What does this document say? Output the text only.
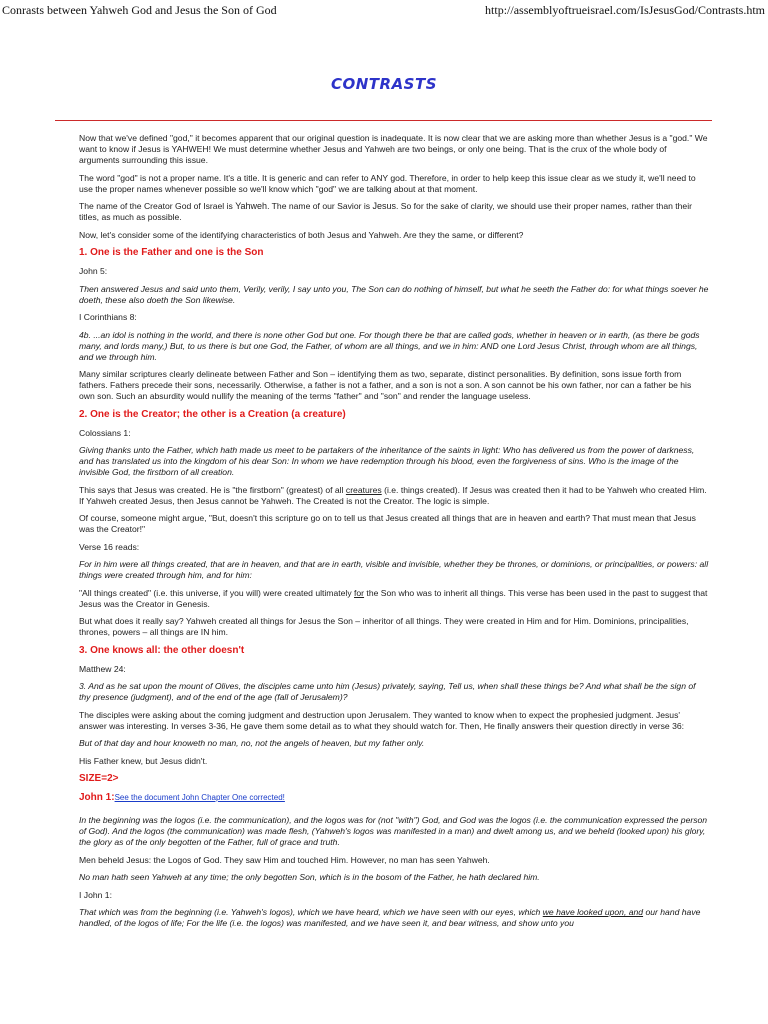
Conrasts between Yahweh God and Jesus the Son of God	http://assemblyoftrueisrael.com/IsJesusGod/Contrasts.htm
CONTRASTS

Now that we've defined "god," it becomes apparent that our original question is inadequate. It is now clear that we are asking more than whether Jesus is a "god." We want to know if Jesus is YAHWEH! We must determine whether Jesus and Yahweh are two beings, or only one being. That is the crux of the whole body of arguments surrounding this issue.

The word "god" is not a proper name. It's a title. It is generic and can refer to ANY god. Therefore, in order to help keep this issue clear as we study it, we'll need to use the proper names whenever possible so we'll know which "god" we are talking about at that moment.

The name of the Creator God of Israel is Yahweh. The name of our Savior is Jesus. So for the sake of clarity, we should use their proper names, rather than their titles, as much as possible.

Now, let's consider some of the identifying characteristics of both Jesus and Yahweh. Are they the same, or different?

1. One is the Father and one is the Son

John 5:

Then answered Jesus and said unto them, Verily, verily, I say unto you, The Son can do nothing of himself, but what he seeth the Father do: for what things soever he doeth, these also doeth the Son likewise.

I Corinthians 8:

4b. ...an idol is nothing in the world, and there is none other God but one. For though there be that are called gods, whether in heaven or in earth, (as there be gods many, and lords many,) But, to us there is but one God, the Father, of whom are all things, and we in him: AND one Lord Jesus Christ, through whom are all things, and we through him.

Many similar scriptures clearly delineate between Father and Son – identifying them as two, separate, distinct personalities. By definition, sons issue forth from fathers. Fathers precede their sons, necessarily. Otherwise, a father is not a father, and a son is not a son. A son cannot be his own father, nor can a father be his own son. Such an absurdity would nullify the meaning of the terms "father" and "son" and render the language useless.

2. One is the Creator; the other is a Creation (a creature)

Colossians 1:

Giving thanks unto the Father, which hath made us meet to be partakers of the inheritance of the saints in light: Who has delivered us from the power of darkness, and has translated us into the kingdom of his dear Son: In whom we have redemption through his blood, even the forgiveness of sins. Who is the image of the invisible God, the firstborn of all creation.

This says that Jesus was created. He is "the firstborn" (greatest) of all creatures (i.e. things created). If Jesus was created then it had to be Yahweh who created Him. If Yahweh created Jesus, then Jesus cannot be Yahweh. The Created is not the Creator. The logic is simple.

Of course, someone might argue, "But, doesn't this scripture go on to tell us that Jesus created all things that are in heaven and earth? That must mean that Jesus was the Creator!"

Verse 16 reads:

For in him were all things created, that are in heaven, and that are in earth, visible and invisible, whether they be thrones, or dominions, or principalities, or powers: all things were created through him, and for him:

"All things created" (i.e. this universe, if you will) were created ultimately for the Son who was to inherit all things. This verse has been used in the past to suggest that Jesus was the Creator in Genesis.

But what does it really say? Yahweh created all things for Jesus the Son – inheritor of all things. They were created in Him and for Him. Dominions, principalities, thrones, powers – all things are IN him.

3. One knows all: the other doesn't

Matthew 24:

3. And as he sat upon the mount of Olives, the disciples came unto him (Jesus) privately, saying, Tell us, when shall these things be? And what shall be the sign of thy presence (judgment), and of the end of the age (fall of Jerusalem)?

The disciples were asking about the coming judgment and destruction upon Jerusalem. They wanted to know when to expect the prophesied judgment. Jesus' answer was interesting. In verses 3-36, He gave them some detail as to what they should watch for. Then, He finally answers their question directly in verse 36:

But of that day and hour knoweth no man, no, not the angels of heaven, but my father only.

His Father knew, but Jesus didn't.

SIZE=2>
John 1:See the document John Chapter One corrected!

In the beginning was the logos (i.e. the communication), and the logos was for (not "with") God, and God was the logos (i.e. the communication expressed the person of God). And the logos (the communication) was made flesh, (Yahweh's logos was manifested in a man) and dwelt among us, and we beheld (looked upon) his glory, the glory as of the only begotten of the Father, full of grace and truth.

Men beheld Jesus: the Logos of God. They saw Him and touched Him. However, no man has seen Yahweh.

No man hath seen Yahweh at any time; the only begotten Son, which is in the bosom of the Father, he hath declared him.

I John 1:

That which was from the beginning (i.e. Yahweh's logos), which we have heard, which we have seen with our eyes, which we have looked upon, and our hand have handled, of the logos of life; For the life (i.e. the logos) was manifested, and we have seen it, and bear witness, and show unto you
